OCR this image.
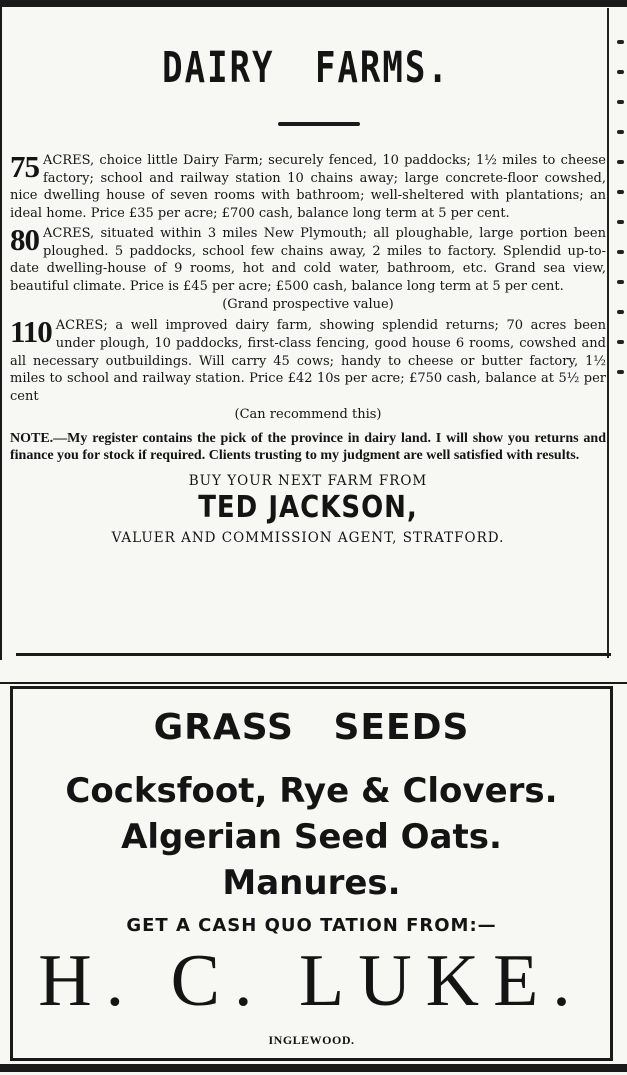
DAIRY FARMS.
75 ACRES, choice little Dairy Farm; securely fenced, 10 paddocks; 1½ miles to cheese factory; school and railway station 10 chains away; large concrete-floor cowshed, nice dwelling house of seven rooms with bathroom; well-sheltered with plantations; an ideal home. Price £35 per acre; £700 cash, balance long term at 5 per cent.

80 ACRES, situated within 3 miles New Plymouth; all ploughable, large portion been ploughed. 5 paddocks, school few chains away, 2 miles to factory. Splendid up-to-date dwelling-house of 9 rooms, hot and cold water, bathroom, etc. Grand sea view, beautiful climate. Price is £45 per acre; £500 cash, balance long term at 5 per cent.

(Grand prospective value)

110 ACRES; a well improved dairy farm, showing splendid returns; 70 acres been under plough, 10 paddocks, first-class fencing, good house 6 rooms, cowshed and all necessary outbuildings. Will carry 45 cows; handy to cheese or butter factory, 1½ miles to school and railway station. Price £42 10s per acre; £750 cash, balance at 5½ per cent

(Can recommend this)

NOTE.—My register contains the pick of the province in dairy land. I will show you returns and finance you for stock if required. Clients trusting to my judgment are well satisfied with results.

BUY YOUR NEXT FARM FROM

TED JACKSON,

VALUER AND COMMISSION AGENT, STRATFORD.

GRASS SEEDS
Cocksfoot, Rye & Clovers.
Algerian Seed Oats.
Manures.
GET A CASH QUO TATION FROM:—
H. C. LUKE.
INGLEWOOD.
